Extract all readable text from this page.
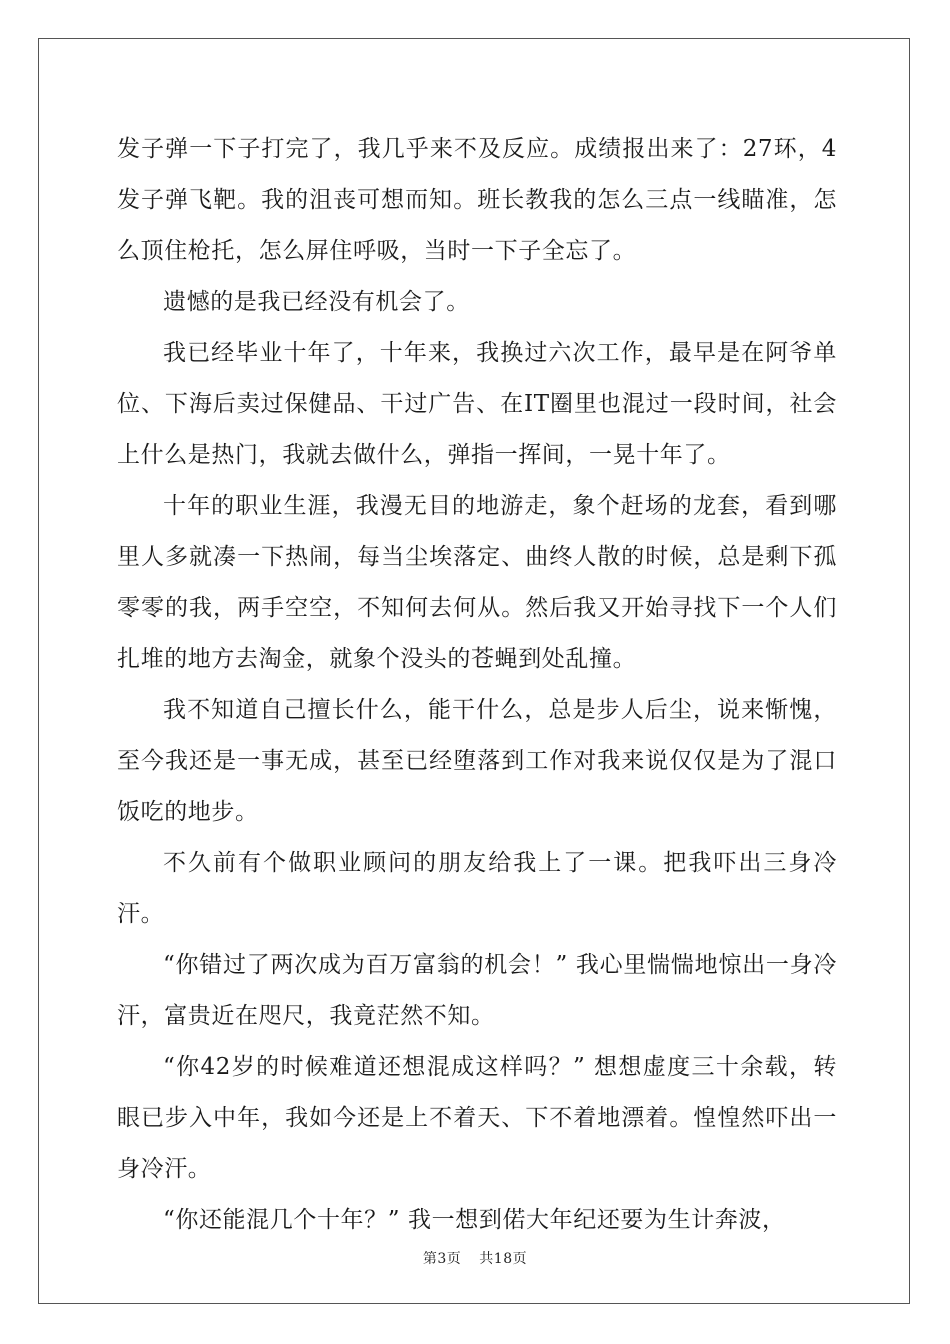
发子弹一下子打完了，我几乎来不及反应。成绩报出来了：27环，4发子弹飞靶。我的沮丧可想而知。班长教我的怎么三点一线瞄准，怎么顶住枪托，怎么屏住呼吸，当时一下子全忘了。

遗憾的是我已经没有机会了。

我已经毕业十年了，十年来，我换过六次工作，最早是在阿爷单位、下海后卖过保健品、干过广告、在IT圈里也混过一段时间，社会上什么是热门，我就去做什么，弹指一挥间，一晃十年了。

十年的职业生涯，我漫无目的地游走，象个赶场的龙套，看到哪里人多就凑一下热闹，每当尘埃落定、曲终人散的时候，总是剩下孤零零的我，两手空空，不知何去何从。然后我又开始寻找下一个人们扎堆的地方去淘金，就象个没头的苍蝇到处乱撞。

我不知道自己擅长什么，能干什么，总是步人后尘，说来惭愧，至今我还是一事无成，甚至已经堕落到工作对我来说仅仅是为了混口饭吃的地步。

不久前有个做职业顾问的朋友给我上了一课。把我吓出三身冷汗。

“你错过了两次成为百万富翁的机会！” 我心里惴惴地惊出一身冷汗，富贵近在咫尺，我竟茫然不知。

“你42岁的时候难道还想混成这样吗？” 想想虚度三十余载，转眼已步入中年，我如今还是上不着天、下不着地漂着。惶惶然吓出一身冷汗。

“你还能混几个十年？” 我一想到偌大年纪还要为生计奔波，

第3页 共18页
